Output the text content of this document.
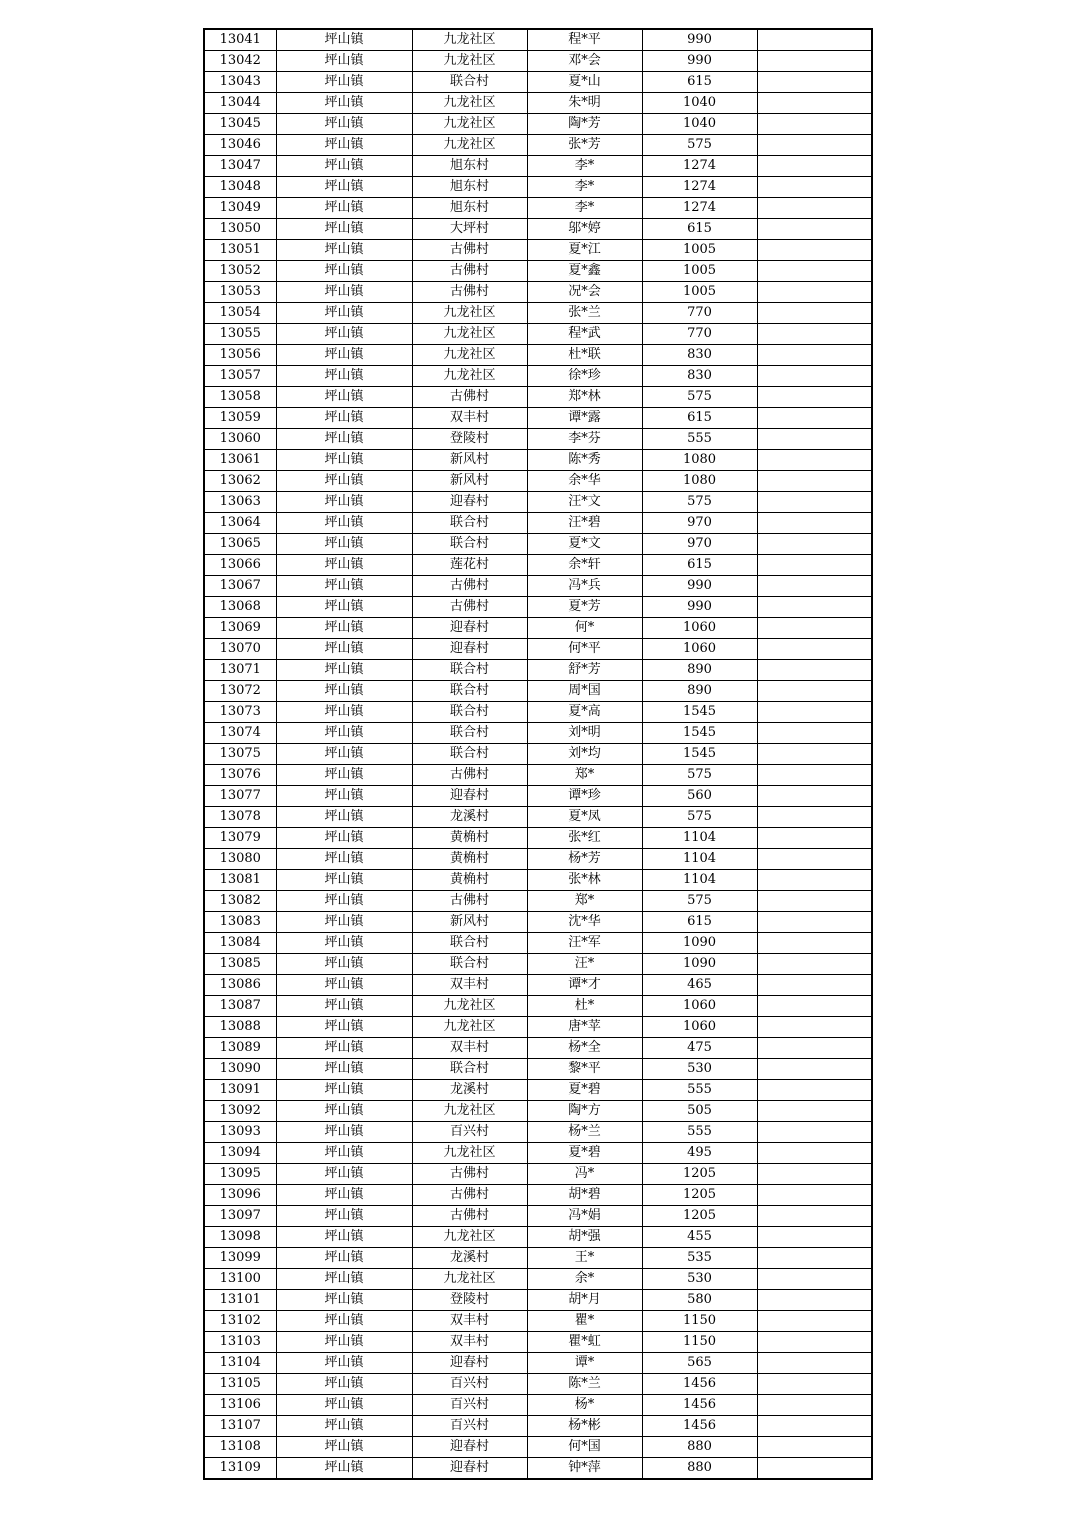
13041	坪山镇	九龙社区	程*平	990	
13042	坪山镇	九龙社区	邓*会	990	
13043	坪山镇	联合村	夏*山	615	
13044	坪山镇	九龙社区	朱*明	1040	
13045	坪山镇	九龙社区	陶*芳	1040	
13046	坪山镇	九龙社区	张*芳	575	
13047	坪山镇	旭东村	李*	1274	
13048	坪山镇	旭东村	李*	1274	
13049	坪山镇	旭东村	李*	1274	
13050	坪山镇	大坪村	邬*婷	615	
13051	坪山镇	古佛村	夏*江	1005	
13052	坪山镇	古佛村	夏*鑫	1005	
13053	坪山镇	古佛村	况*会	1005	
13054	坪山镇	九龙社区	张*兰	770	
13055	坪山镇	九龙社区	程*武	770	
13056	坪山镇	九龙社区	杜*联	830	
13057	坪山镇	九龙社区	徐*珍	830	
13058	坪山镇	古佛村	郑*林	575	
13059	坪山镇	双丰村	谭*露	615	
13060	坪山镇	登陵村	李*芬	555	
13061	坪山镇	新风村	陈*秀	1080	
13062	坪山镇	新风村	余*华	1080	
13063	坪山镇	迎春村	汪*文	575	
13064	坪山镇	联合村	汪*碧	970	
13065	坪山镇	联合村	夏*文	970	
13066	坪山镇	莲花村	余*轩	615	
13067	坪山镇	古佛村	冯*兵	990	
13068	坪山镇	古佛村	夏*芳	990	
13069	坪山镇	迎春村	何*	1060	
13070	坪山镇	迎春村	何*平	1060	
13071	坪山镇	联合村	舒*芳	890	
13072	坪山镇	联合村	周*国	890	
13073	坪山镇	联合村	夏*高	1545	
13074	坪山镇	联合村	刘*明	1545	
13075	坪山镇	联合村	刘*均	1545	
13076	坪山镇	古佛村	郑*	575	
13077	坪山镇	迎春村	谭*珍	560	
13078	坪山镇	龙溪村	夏*凤	575	
13079	坪山镇	黄桷村	张*红	1104	
13080	坪山镇	黄桷村	杨*芳	1104	
13081	坪山镇	黄桷村	张*林	1104	
13082	坪山镇	古佛村	郑*	575	
13083	坪山镇	新风村	沈*华	615	
13084	坪山镇	联合村	汪*军	1090	
13085	坪山镇	联合村	汪*	1090	
13086	坪山镇	双丰村	谭*才	465	
13087	坪山镇	九龙社区	杜*	1060	
13088	坪山镇	九龙社区	唐*苹	1060	
13089	坪山镇	双丰村	杨*全	475	
13090	坪山镇	联合村	黎*平	530	
13091	坪山镇	龙溪村	夏*碧	555	
13092	坪山镇	九龙社区	陶*方	505	
13093	坪山镇	百兴村	杨*兰	555	
13094	坪山镇	九龙社区	夏*碧	495	
13095	坪山镇	古佛村	冯*	1205	
13096	坪山镇	古佛村	胡*碧	1205	
13097	坪山镇	古佛村	冯*娟	1205	
13098	坪山镇	九龙社区	胡*强	455	
13099	坪山镇	龙溪村	王*	535	
13100	坪山镇	九龙社区	余*	530	
13101	坪山镇	登陵村	胡*月	580	
13102	坪山镇	双丰村	瞿*	1150	
13103	坪山镇	双丰村	瞿*虹	1150	
13104	坪山镇	迎春村	谭*	565	
13105	坪山镇	百兴村	陈*兰	1456	
13106	坪山镇	百兴村	杨*	1456	
13107	坪山镇	百兴村	杨*彬	1456	
13108	坪山镇	迎春村	何*国	880	
13109	坪山镇	迎春村	钟*萍	880	
